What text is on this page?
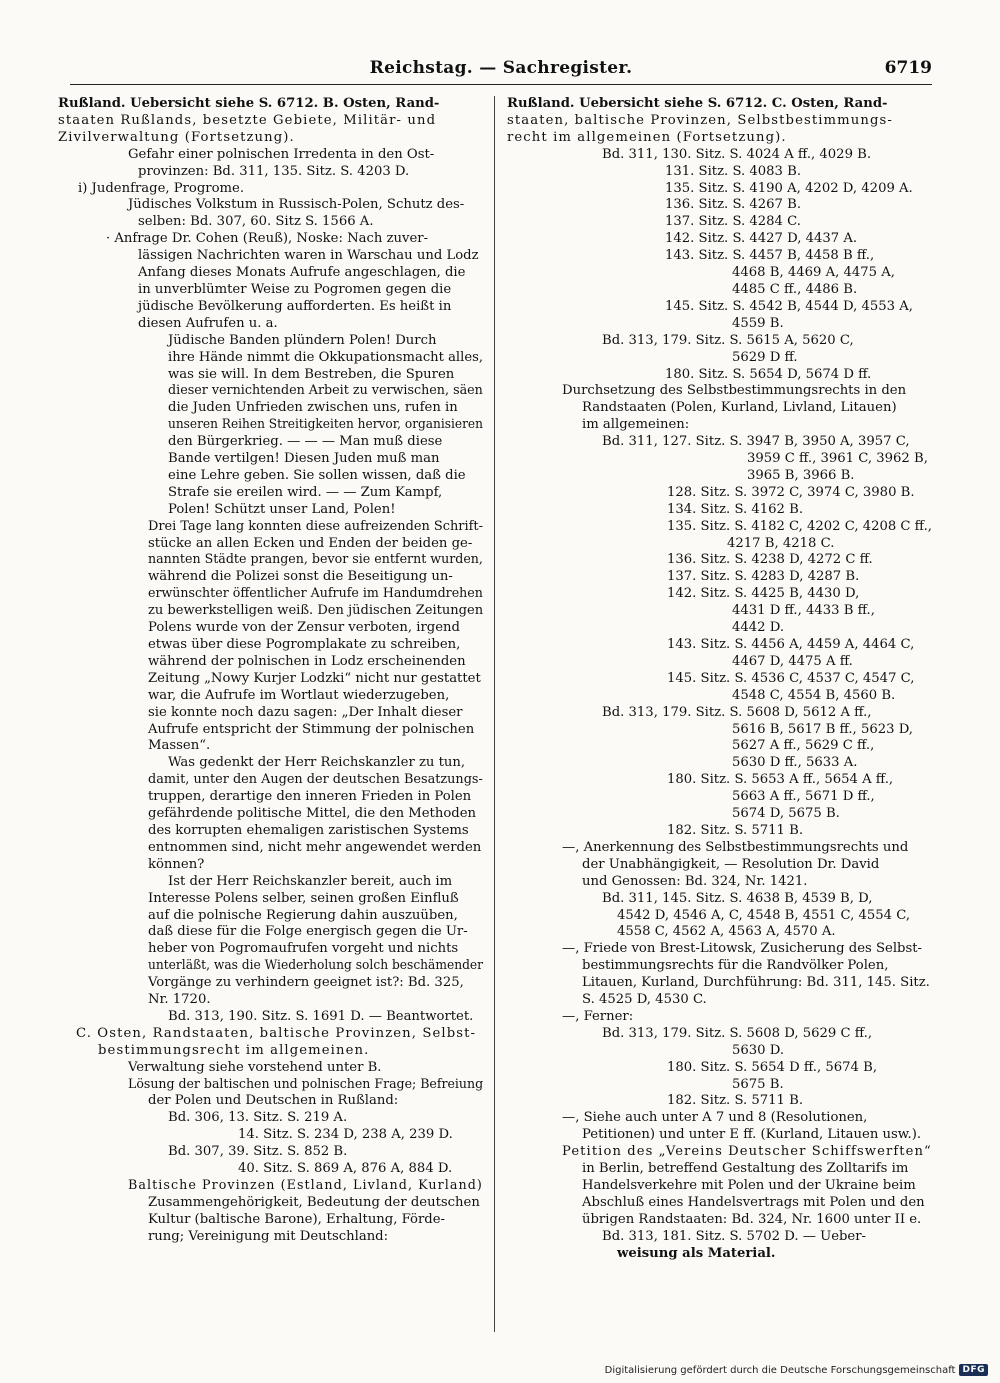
Reichstag. — Sachregister.	6719
Rußland. Uebersicht siehe S. 6712. B. Osten, Rand-
staaten Rußlands, besetzte Gebiete, Militär- und
Zivilverwaltung (Fortsetzung).
Gefahr einer polnischen Irredenta in den Ost-
provinzen: Bd. 311, 135. Sitz. S. 4203 D.
i) Judenfrage, Progrome.
Jüdisches Volkstum in Russisch-Polen, Schutz des-
selben: Bd. 307, 60. Sitz S. 1566 A.
· Anfrage Dr. Cohen (Reuß), Noske: Nach zuver-
lässigen Nachrichten waren in Warschau und Lodz
Anfang dieses Monats Aufrufe angeschlagen, die
in unverblümter Weise zu Pogromen gegen die
jüdische Bevölkerung aufforderten. Es heißt in
diesen Aufrufen u. a.
Jüdische Banden plündern Polen! Durch
ihre Hände nimmt die Okkupationsmacht alles,
was sie will. In dem Bestreben, die Spuren
dieser vernichtenden Arbeit zu verwischen, säen
die Juden Unfrieden zwischen uns, rufen in
unseren Reihen Streitigkeiten hervor, organisieren
den Bürgerkrieg. — — — Man muß diese
Bande vertilgen! Diesen Juden muß man
eine Lehre geben. Sie sollen wissen, daß die
Strafe sie ereilen wird. — — Zum Kampf,
Polen! Schützt unser Land, Polen!
Drei Tage lang konnten diese aufreizenden Schrift-
stücke an allen Ecken und Enden der beiden ge-
nannten Städte prangen, bevor sie entfernt wurden,
während die Polizei sonst die Beseitigung un-
erwünschter öffentlicher Aufrufe im Handumdrehen
zu bewerkstelligen weiß. Den jüdischen Zeitungen
Polens wurde von der Zensur verboten, irgend
etwas über diese Pogromplakate zu schreiben,
während der polnischen in Lodz erscheinenden
Zeitung „Nowy Kurjer Lodzki“ nicht nur gestattet
war, die Aufrufe im Wortlaut wiederzugeben,
sie konnte noch dazu sagen: „Der Inhalt dieser
Aufrufe entspricht der Stimmung der polnischen
Massen“.
Was gedenkt der Herr Reichskanzler zu tun,
damit, unter den Augen der deutschen Besatzungs-
truppen, derartige den inneren Frieden in Polen
gefährdende politische Mittel, die den Methoden
des korrupten ehemaligen zaristischen Systems
entnommen sind, nicht mehr angewendet werden
können?
Ist der Herr Reichskanzler bereit, auch im
Interesse Polens selber, seinen großen Einfluß
auf die polnische Regierung dahin auszuüben,
daß diese für die Folge energisch gegen die Ur-
heber von Pogromaufrufen vorgeht und nichts
unterläßt, was die Wiederholung solch beschämender
Vorgänge zu verhindern geeignet ist?: Bd. 325,
Nr. 1720.
Bd. 313, 190. Sitz. S. 1691 D. — Beantwortet.
C. Osten, Randstaaten, baltische Provinzen, Selbst-
bestimmungsrecht im allgemeinen.
Verwaltung siehe vorstehend unter B.
Lösung der baltischen und polnischen Frage; Befreiung
der Polen und Deutschen in Rußland:
Bd. 306, 13. Sitz. S. 219 A.
14. Sitz. S. 234 D, 238 A, 239 D.
Bd. 307, 39. Sitz. S. 852 B.
40. Sitz. S. 869 A, 876 A, 884 D.
Baltische Provinzen (Estland, Livland, Kurland)
Zusammengehörigkeit, Bedeutung der deutschen
Kultur (baltische Barone), Erhaltung, Förde-
rung; Vereinigung mit Deutschland:
Rußland. Uebersicht siehe S. 6712. C. Osten, Rand-
staaten, baltische Provinzen, Selbstbestimmungs-
recht im allgemeinen (Fortsetzung).
Bd. 311, 130. Sitz. S. 4024 A ff., 4029 B.
131. Sitz. S. 4083 B.
135. Sitz. S. 4190 A, 4202 D, 4209 A.
136. Sitz. S. 4267 B.
137. Sitz. S. 4284 C.
142. Sitz. S. 4427 D, 4437 A.
143. Sitz. S. 4457 B, 4458 B ff.,
4468 B, 4469 A, 4475 A,
4485 C ff., 4486 B.
145. Sitz. S. 4542 B, 4544 D, 4553 A,
4559 B.
Bd. 313, 179. Sitz. S. 5615 A, 5620 C,
5629 D ff.
180. Sitz. S. 5654 D, 5674 D ff.
Durchsetzung des Selbstbestimmungsrechts in den
Randstaaten (Polen, Kurland, Livland, Litauen)
im allgemeinen:
Bd. 311, 127. Sitz. S. 3947 B, 3950 A, 3957 C,
3959 C ff., 3961 C, 3962 B,
3965 B, 3966 B.
128. Sitz. S. 3972 C, 3974 C, 3980 B.
134. Sitz. S. 4162 B.
135. Sitz. S. 4182 C, 4202 C, 4208 C ff.,
4217 B, 4218 C.
136. Sitz. S. 4238 D, 4272 C ff.
137. Sitz. S. 4283 D, 4287 B.
142. Sitz. S. 4425 B, 4430 D,
4431 D ff., 4433 B ff.,
4442 D.
143. Sitz. S. 4456 A, 4459 A, 4464 C,
4467 D, 4475 A ff.
145. Sitz. S. 4536 C, 4537 C, 4547 C,
4548 C, 4554 B, 4560 B.
Bd. 313, 179. Sitz. S. 5608 D, 5612 A ff.,
5616 B, 5617 B ff., 5623 D,
5627 A ff., 5629 C ff.,
5630 D ff., 5633 A.
180. Sitz. S. 5653 A ff., 5654 A ff.,
5663 A ff., 5671 D ff.,
5674 D, 5675 B.
182. Sitz. S. 5711 B.
—, Anerkennung des Selbstbestimmungsrechts und
der Unabhängigkeit, — Resolution Dr. David
und Genossen: Bd. 324, Nr. 1421.
Bd. 311, 145. Sitz. S. 4638 B, 4539 B, D,
4542 D, 4546 A, C, 4548 B, 4551 C, 4554 C,
4558 C, 4562 A, 4563 A, 4570 A.
—, Friede von Brest-Litowsk, Zusicherung des Selbst-
bestimmungsrechts für die Randvölker Polen,
Litauen, Kurland, Durchführung: Bd. 311, 145. Sitz.
S. 4525 D, 4530 C.
—, Ferner:
Bd. 313, 179. Sitz. S. 5608 D, 5629 C ff.,
5630 D.
180. Sitz. S. 5654 D ff., 5674 B,
5675 B.
182. Sitz. S. 5711 B.
—, Siehe auch unter A 7 und 8 (Resolutionen,
Petitionen) und unter E ff. (Kurland, Litauen usw.).
Petition des „Vereins Deutscher Schiffswerften“
in Berlin, betreffend Gestaltung des Zolltarifs im
Handelsverkehre mit Polen und der Ukraine beim
Abschluß eines Handelsvertrags mit Polen und den
übrigen Randstaaten: Bd. 324, Nr. 1600 unter II e.
Bd. 313, 181. Sitz. S. 5702 D. — Ueber-
weisung als Material.
Digitalisierung gefördert durch die Deutsche Forschungsgemeinschaft DFG
